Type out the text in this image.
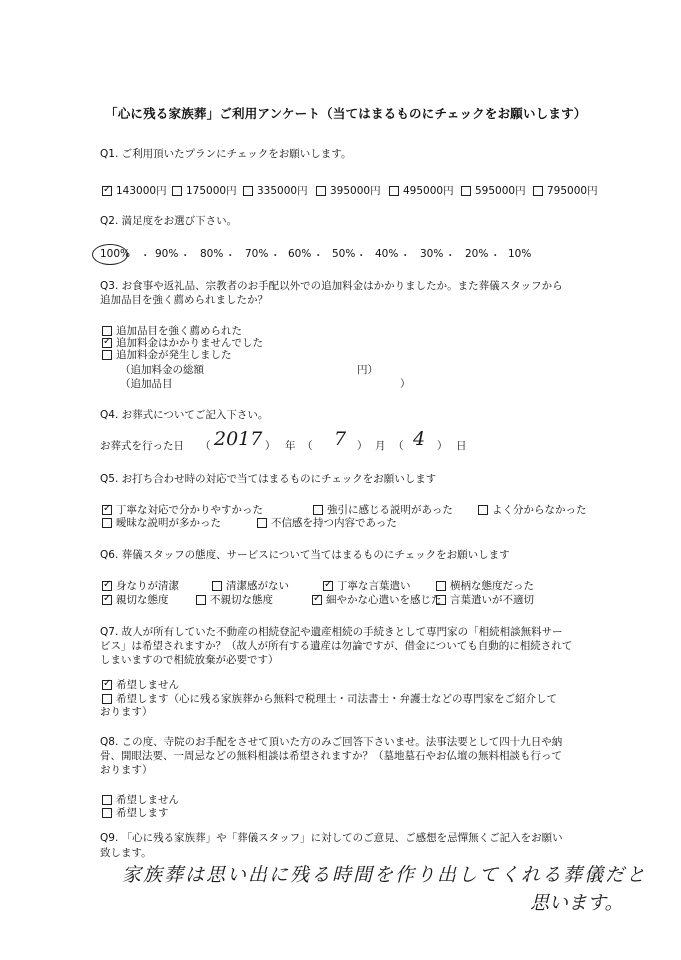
「心に残る家族葬」ご利用アンケート（当てはまるものにチェックをお願いします）
Q1. ご利用頂いたプランにチェックをお願いします。
✓
143000円 175000円 335000円 395000円 495000円 595000円 795000円
Q2. 満足度をお選び下さい。
100% ・ 90% ・ 80% ・ 70% ・ 60% ・ 50% ・ 40% ・ 30% ・ 20% ・ 10%
Q3. お食事や返礼品、宗教者のお手配以外での追加料金はかかりましたか。また葬儀スタッフから
追加品目を強く薦められましたか？
追加品目を強く薦められた
✓
追加料金はかかりませんでした
追加料金が発生しました
（追加料金の総額	円）
（追加品目	）
Q4. お葬式についてご記入下さい。
お葬式を行った日 （ 2017 ） 年 （ 7 ） 月 （ 4 ） 日
Q5. お打ち合わせ時の対応で当てはまるものにチェックをお願いします
✓
丁寧な対応で分かりやすかった	強引に感じる説明があった	よく分からなかった
曖昧な説明が多かった	不信感を持つ内容であった
Q6. 葬儀スタッフの態度、サービスについて当てはまるものにチェックをお願いします
✓
身なりが清潔	清潔感がない ✓	丁寧な言葉遣い	横柄な態度だった
✓
親切な態度	不親切な態度 ✓	細やかな心遣いを感じた 言葉遣いが不適切
Q7. 故人が所有していた不動産の相続登記や遺産相続の手続きとして専門家の「相続相談無料サー
ビス」は希望されますか？（故人が所有する遺産は勿論ですが、借金についても自動的に相続されて
しまいますので相続放棄が必要です）
✓
希望しません
希望します（心に残る家族葬から無料で税理士・司法書士・弁護士などの専門家をご紹介して
おります）
Q8. この度、寺院のお手配をさせて頂いた方のみご回答下さいませ。法事法要として四十九日や納
骨、開眼法要、一周忌などの無料相談は希望されますか？（墓地墓石やお仏壇の無料相談も行って
おります）
希望しません
希望します
Q9. 「心に残る家族葬」や「葬儀スタッフ」に対してのご意見、ご感想を忌憚無くご記入をお願い
致します。
家族葬は思い出に残る時間を作り出してくれる葬儀だと
思います。
